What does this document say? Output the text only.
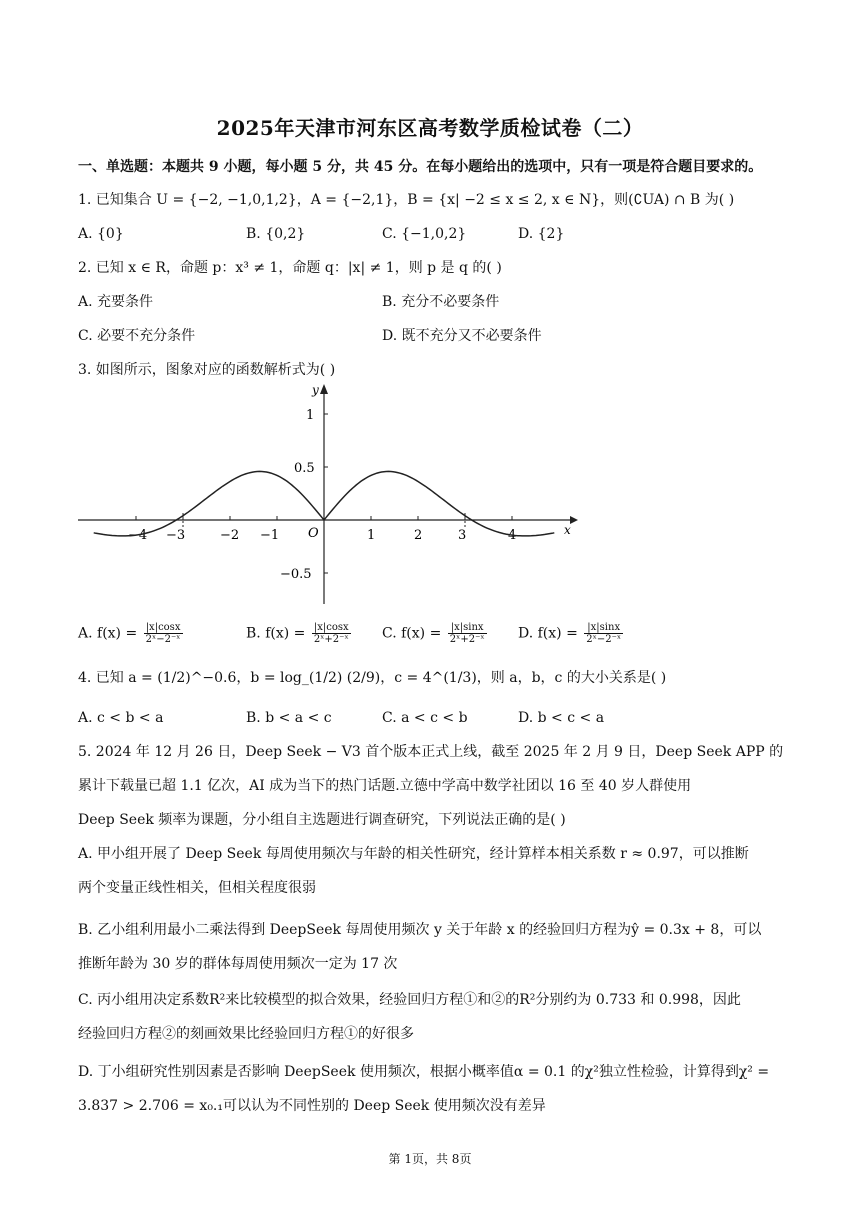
2025年天津市河东区高考数学质检试卷（二）
一、单选题：本题共 9 小题，每小题 5 分，共 45 分。在每小题给出的选项中，只有一项是符合题目要求的。
1. 已知集合 U = {−2, −1,0,1,2}，A = {−2,1}，B = {x| −2 ≤ x ≤ 2, x ∈ N}，则(∁UA) ∩ B 为( )
A. {0}	B. {0,2}	C. {−1,0,2}	D. {2}
2. 已知 x ∈ R，命题 p：x³ ≠ 1，命题 q：|x| ≠ 1，则 p 是 q 的( )
A. 充要条件	B. 充分不必要条件
C. 必要不充分条件	D. 既不充分又不必要条件
3. 如图所示，图象对应的函数解析式为( )
−4 −3	−2 −1	1	2	3	4
1
0.5
−0.5
O
y
x
A. $f(x) = \frac{|x|\cos x}{\text{2ˣ−2⁻ˣ}}$	B. $f(x) = \frac{|x|\cos x}{\text{2ˣ+2⁻ˣ}} C$. $f(x) = \frac{|x|\sin x}{\text{2ˣ+2⁻ˣ}} D$. $f(x) = \frac{|x|\sin x}{\text{2ˣ−2⁻ˣ}}$
4. 已知 a = (1/2)^−0.6，b = log_(1/2) (2/9)，c = 4^(1/3)，则 a，b，c 的大小关系是( )
A. c < b < a	B. b < a < c	C. a < c < b	D. b < c < a
5. 2024 年 12 月 26 日，Deep Seek − V3 首个版本正式上线，截至 2025 年 2 月 9 日，Deep Seek APP 的
累计下载量已超 1.1 亿次，AI 成为当下的热门话题.立德中学高中数学社团以 16 至 40 岁人群使用
Deep Seek 频率为课题，分小组自主选题进行调查研究，下列说法正确的是( )
A. 甲小组开展了 Deep Seek 每周使用频次与年龄的相关性研究，经计算样本相关系数 r ≈ 0.97，可以推断
两个变量正线性相关，但相关程度很弱
B. 乙小组利用最小二乘法得到 DeepSeek 每周使用频次 y 关于年龄 x 的经验回归方程为ŷ = 0.3x + 8，可以
推断年龄为 30 岁的群体每周使用频次一定为 17 次
C. 丙小组用决定系数R²来比较模型的拟合效果，经验回归方程①和②的R²分别约为 0.733 和 0.998，因此
经验回归方程②的刻画效果比经验回归方程①的好很多
D. 丁小组研究性别因素是否影响 DeepSeek 使用频次，根据小概率值α = 0.1 的χ²独立性检验，计算得到χ² =
3.837 > 2.706 = x₀.₁可以认为不同性别的 Deep Seek 使用频次没有差异
第 1页，共 8页
